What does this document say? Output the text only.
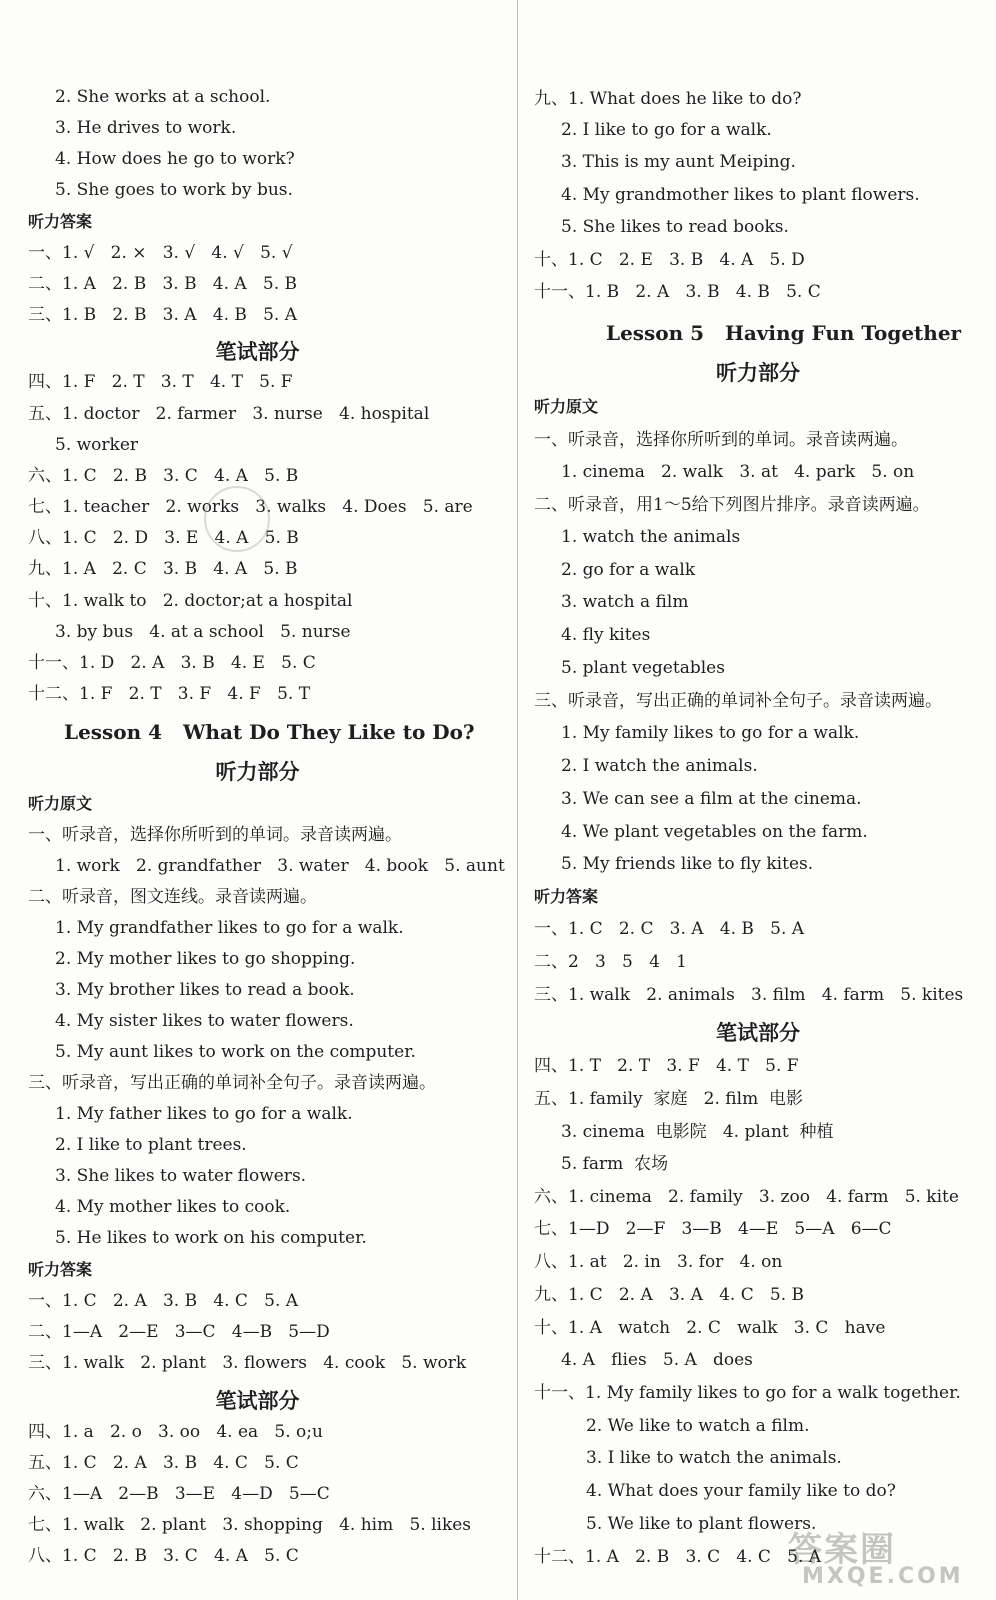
2. She works at a school.
3. He drives to work.
4. How does he go to work?
5. She goes to work by bus.
听力答案
一、1. √   2. ×   3. √   4. √   5. √
二、1. A   2. B   3. B   4. A   5. B
三、1. B   2. B   3. A   4. B   5. A
笔试部分
四、1. F   2. T   3. T   4. T   5. F
五、1. doctor   2. farmer   3. nurse   4. hospital
5. worker
六、1. C   2. B   3. C   4. A   5. B
七、1. teacher   2. works   3. walks   4. Does   5. are
八、1. C   2. D   3. E   4. A   5. B
九、1. A   2. C   3. B   4. A   5. B
十、1. walk to   2. doctor;at a hospital
3. by bus   4. at a school   5. nurse
十一、1. D   2. A   3. B   4. E   5. C
十二、1. F   2. T   3. F   4. F   5. T
Lesson 4   What Do They Like to Do?
听力部分
听力原文
一、听录音，选择你所听到的单词。录音读两遍。
1. work   2. grandfather   3. water   4. book   5. aunt
二、听录音，图文连线。录音读两遍。
1. My grandfather likes to go for a walk.
2. My mother likes to go shopping.
3. My brother likes to read a book.
4. My sister likes to water flowers.
5. My aunt likes to work on the computer.
三、听录音，写出正确的单词补全句子。录音读两遍。
1. My father likes to go for a walk.
2. I like to plant trees.
3. She likes to water flowers.
4. My mother likes to cook.
5. He likes to work on his computer.
听力答案
一、1. C   2. A   3. B   4. C   5. A
二、1—A   2—E   3—C   4—B   5—D
三、1. walk   2. plant   3. flowers   4. cook   5. work
笔试部分
四、1. a   2. o   3. oo   4. ea   5. o;u
五、1. C   2. A   3. B   4. C   5. C
六、1—A   2—B   3—E   4—D   5—C
七、1. walk   2. plant   3. shopping   4. him   5. likes
八、1. C   2. B   3. C   4. A   5. C
九、1. What does he like to do?
2. I like to go for a walk.
3. This is my aunt Meiping.
4. My grandmother likes to plant flowers.
5. She likes to read books.
十、1. C   2. E   3. B   4. A   5. D
十一、1. B   2. A   3. B   4. B   5. C
Lesson 5   Having Fun Together
听力部分
听力原文
一、听录音，选择你所听到的单词。录音读两遍。
1. cinema   2. walk   3. at   4. park   5. on
二、听录音，用1～5给下列图片排序。录音读两遍。
1. watch the animals
2. go for a walk
3. watch a film
4. fly kites
5. plant vegetables
三、听录音，写出正确的单词补全句子。录音读两遍。
1. My family likes to go for a walk.
2. I watch the animals.
3. We can see a film at the cinema.
4. We plant vegetables on the farm.
5. My friends like to fly kites.
听力答案
一、1. C   2. C   3. A   4. B   5. A
二、2   3   5   4   1
三、1. walk   2. animals   3. film   4. farm   5. kites
笔试部分
四、1. T   2. T   3. F   4. T   5. F
五、1. family  家庭   2. film  电影
3. cinema  电影院   4. plant  种植
5. farm  农场
六、1. cinema   2. family   3. zoo   4. farm   5. kite
七、1—D   2—F   3—B   4—E   5—A   6—C
八、1. at   2. in   3. for   4. on
九、1. C   2. A   3. A   4. C   5. B
十、1. A   watch   2. C   walk   3. C   have
4. A   flies   5. A   does
十一、1. My family likes to go for a walk together.
2. We like to watch a film.
3. I like to watch the animals.
4. What does your family like to do?
5. We like to plant flowers.
十二、1. A   2. B   3. C   4. C   5. A
答案圈
MXQE.COM
